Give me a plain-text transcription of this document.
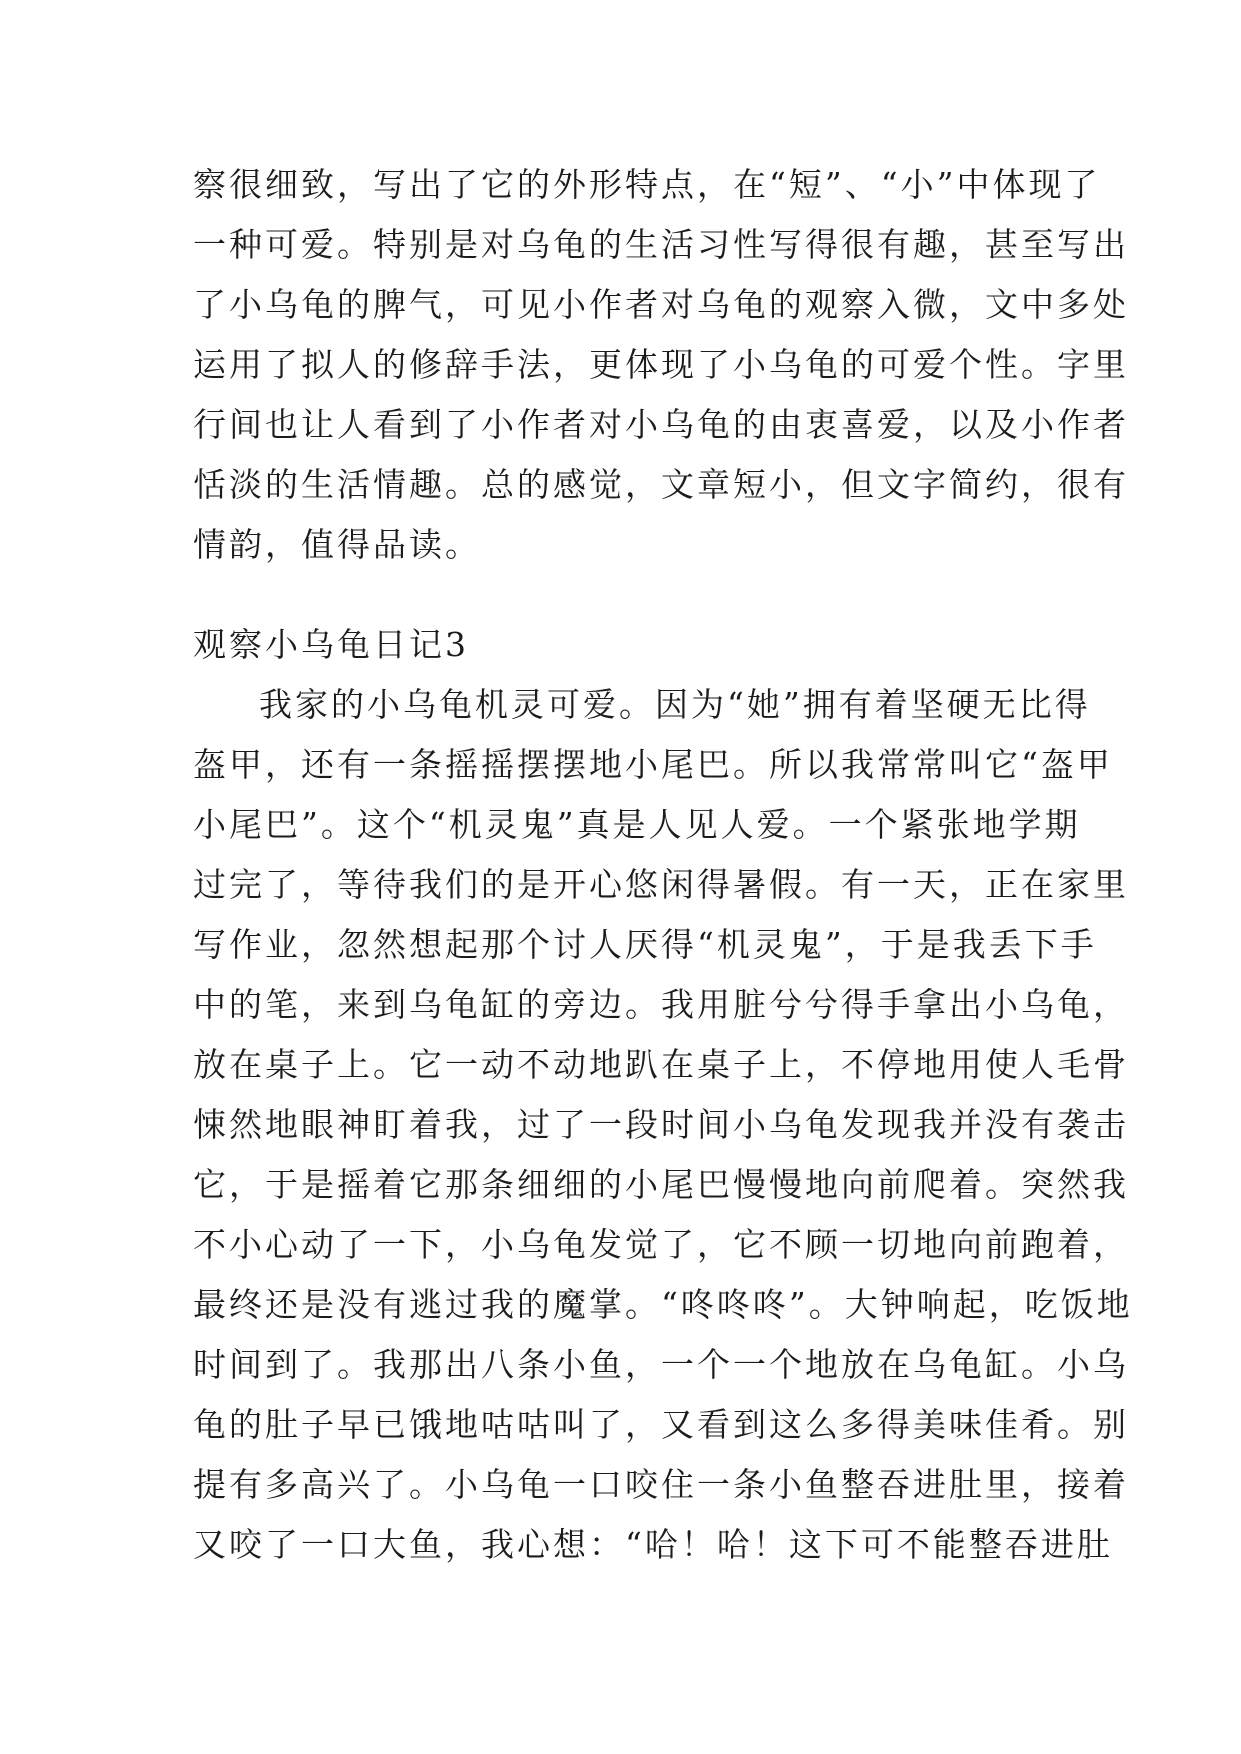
察很细致，写出了它的外形特点，在“短”、“小”中体现了
一种可爱。特别是对乌龟的生活习性写得很有趣，甚至写出
了小乌龟的脾气，可见小作者对乌龟的观察入微，文中多处
运用了拟人的修辞手法，更体现了小乌龟的可爱个性。字里
行间也让人看到了小作者对小乌龟的由衷喜爱，以及小作者
恬淡的生活情趣。总的感觉，文章短小，但文字简约，很有
情韵，值得品读。
观察小乌龟日记3
我家的小乌龟机灵可爱。因为“她”拥有着坚硬无比得
盔甲，还有一条摇摇摆摆地小尾巴。所以我常常叫它“盔甲
小尾巴”。这个“机灵鬼”真是人见人爱。一个紧张地学期
过完了，等待我们的是开心悠闲得暑假。有一天，正在家里
写作业，忽然想起那个讨人厌得“机灵鬼”，于是我丢下手
中的笔，来到乌龟缸的旁边。我用脏兮兮得手拿出小乌龟，
放在桌子上。它一动不动地趴在桌子上，不停地用使人毛骨
悚然地眼神盯着我，过了一段时间小乌龟发现我并没有袭击
它，于是摇着它那条细细的小尾巴慢慢地向前爬着。突然我
不小心动了一下，小乌龟发觉了，它不顾一切地向前跑着，
最终还是没有逃过我的魔掌。“咚咚咚”。大钟响起，吃饭地
时间到了。我那出八条小鱼，一个一个地放在乌龟缸。小乌
龟的肚子早已饿地咕咕叫了，又看到这么多得美味佳肴。别
提有多高兴了。小乌龟一口咬住一条小鱼整吞进肚里，接着
又咬了一口大鱼，我心想：“哈！哈！这下可不能整吞进肚
